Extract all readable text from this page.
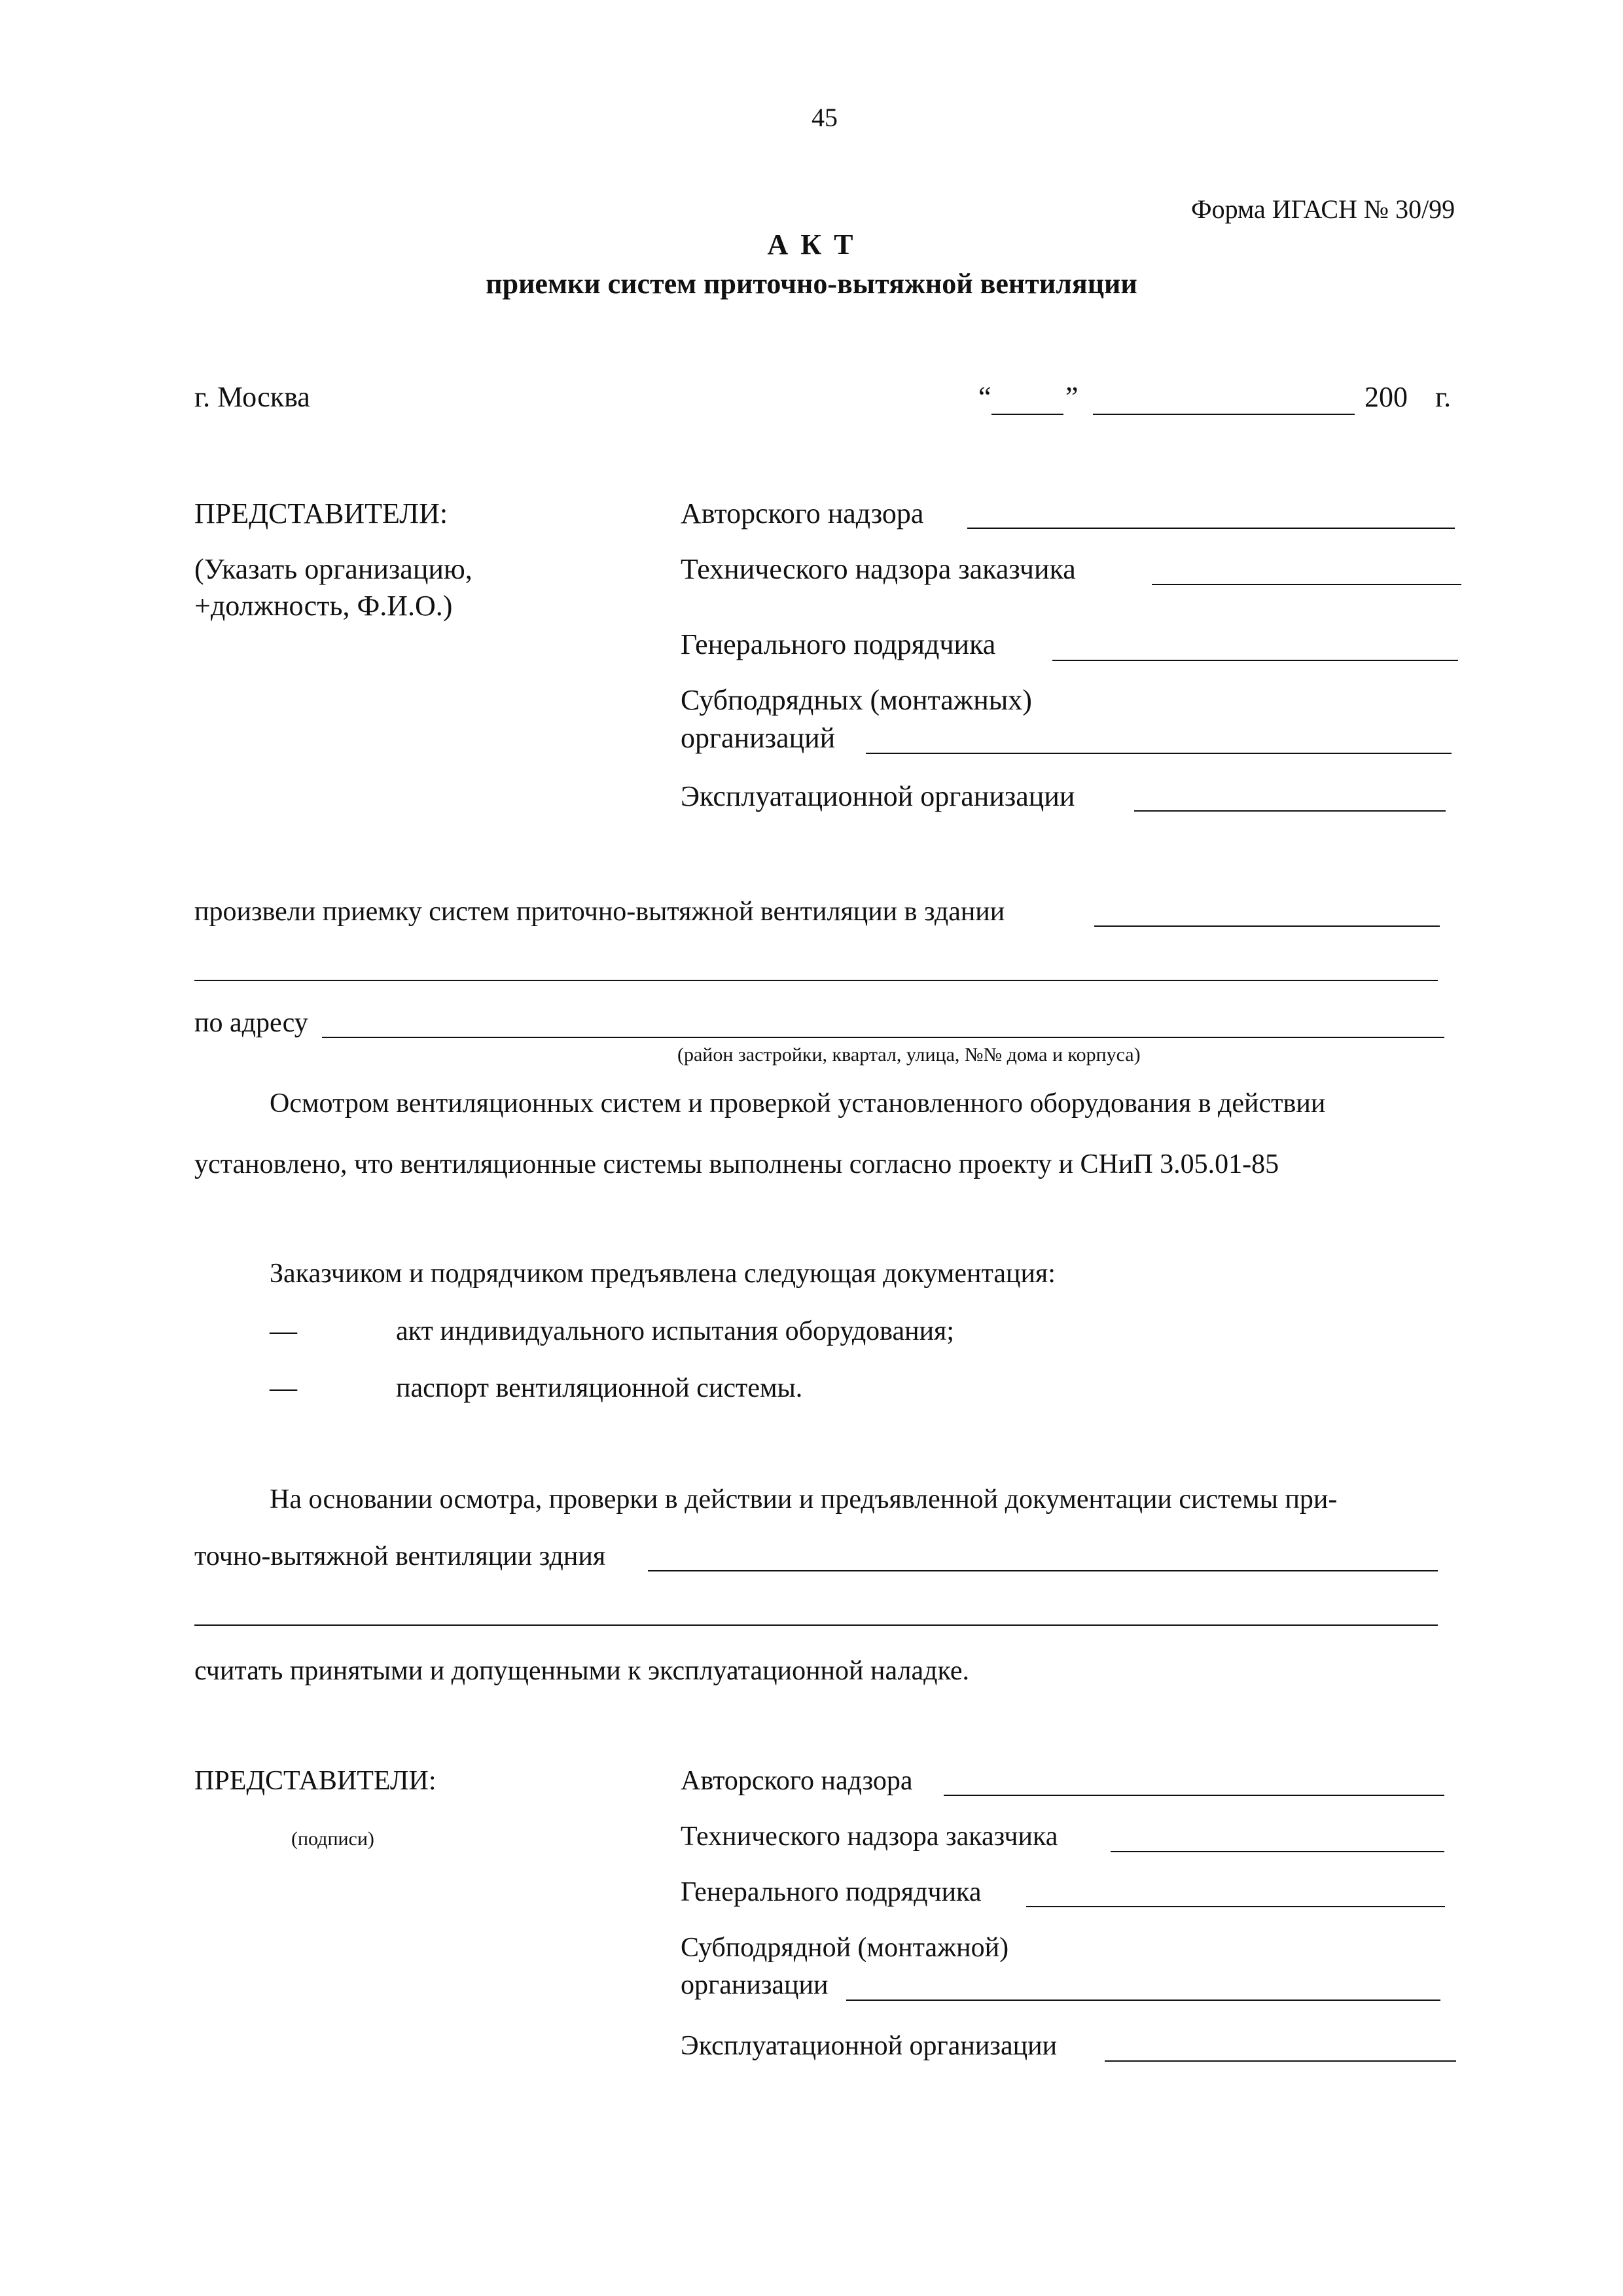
45
Форма ИГАСН № 30/99
А К Т
приемки систем приточно-вытяжной вентиляции
г. Москва	“	”	200 г.
ПРЕДСТАВИТЕЛИ:
(Указать организацию,
+должность, Ф.И.О.)
Авторского надзора
Технического надзора заказчика
Генерального подрядчика
Субподрядных (монтажных)
организаций
Эксплуатационной организации
произвели приемку систем приточно-вытяжной вентиляции в здании
по адресу
(район застройки, квартал, улица, №№ дома и корпуса)
Осмотром вентиляционных систем и проверкой установленного оборудования в действии
установлено, что вентиляционные системы выполнены согласно проекту и СНиП 3.05.01-85
Заказчиком и подрядчиком предъявлена следующая документация:
—	акт индивидуального испытания оборудования;
—	паспорт вентиляционной системы.
На основании осмотра, проверки в действии и предъявленной документации системы при-
точно-вытяжной вентиляции здния
считать принятыми и допущенными к эксплуатационной наладке.
ПРЕДСТАВИТЕЛИ:
(подписи)
Авторского надзора
Технического надзора заказчика
Генерального подрядчика
Субподрядной (монтажной)
организации
Эксплуатационной организации
